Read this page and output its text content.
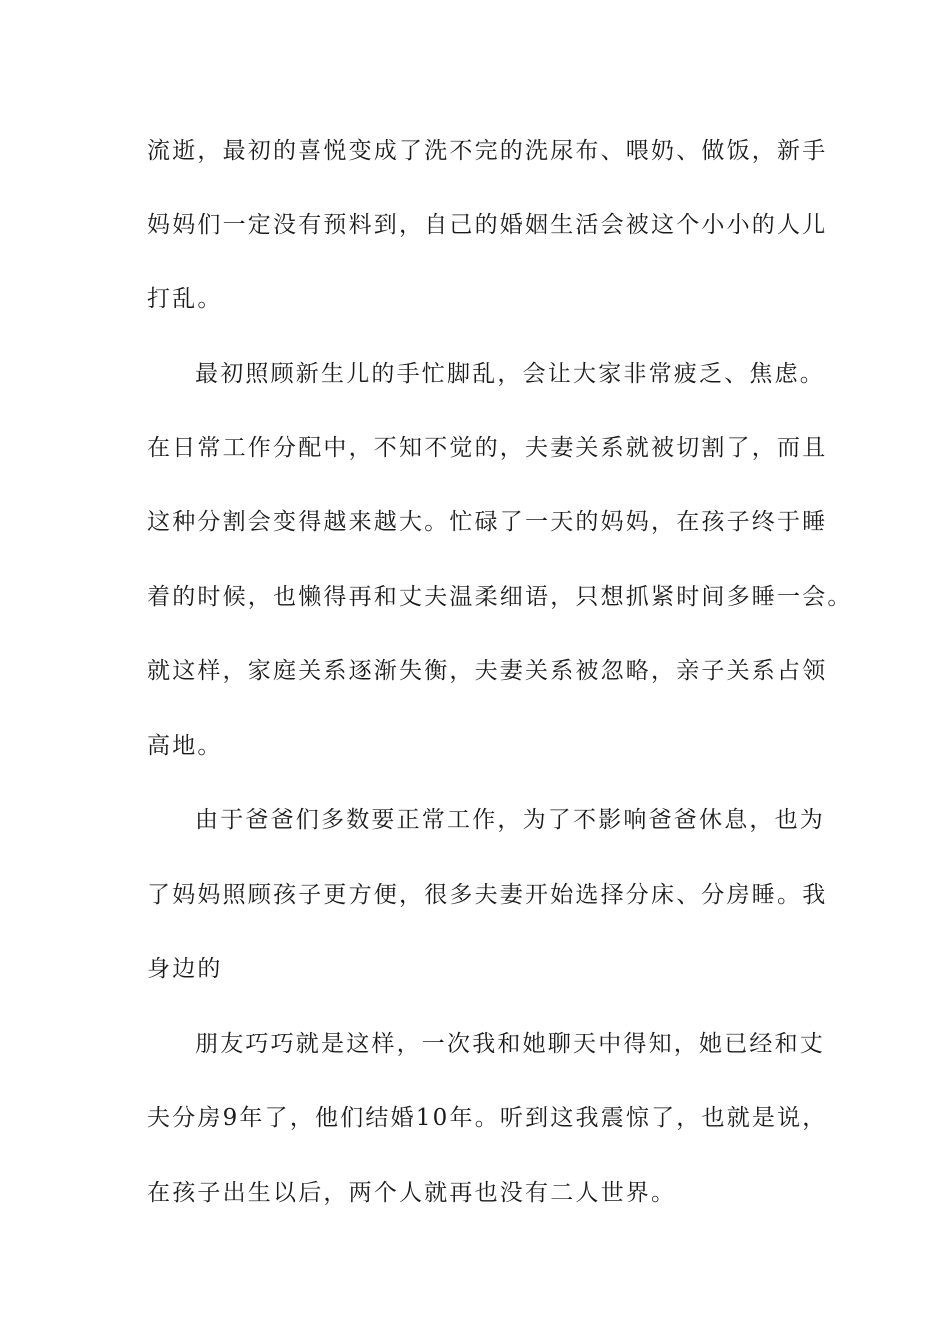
流逝，最初的喜悦变成了洗不完的洗尿布、喂奶、做饭，新手
妈妈们一定没有预料到，自己的婚姻生活会被这个小小的人儿
打乱。
最初照顾新生儿的手忙脚乱，会让大家非常疲乏、焦虑。
在日常工作分配中，不知不觉的，夫妻关系就被切割了，而且
这种分割会变得越来越大。忙碌了一天的妈妈，在孩子终于睡
着的时候，也懒得再和丈夫温柔细语，只想抓紧时间多睡一会。
就这样，家庭关系逐渐失衡，夫妻关系被忽略，亲子关系占领
高地。
由于爸爸们多数要正常工作，为了不影响爸爸休息，也为
了妈妈照顾孩子更方便，很多夫妻开始选择分床、分房睡。我
身边的
朋友巧巧就是这样，一次我和她聊天中得知，她已经和丈
夫分房9年了，他们结婚10年。听到这我震惊了，也就是说，
在孩子出生以后，两个人就再也没有二人世界。
